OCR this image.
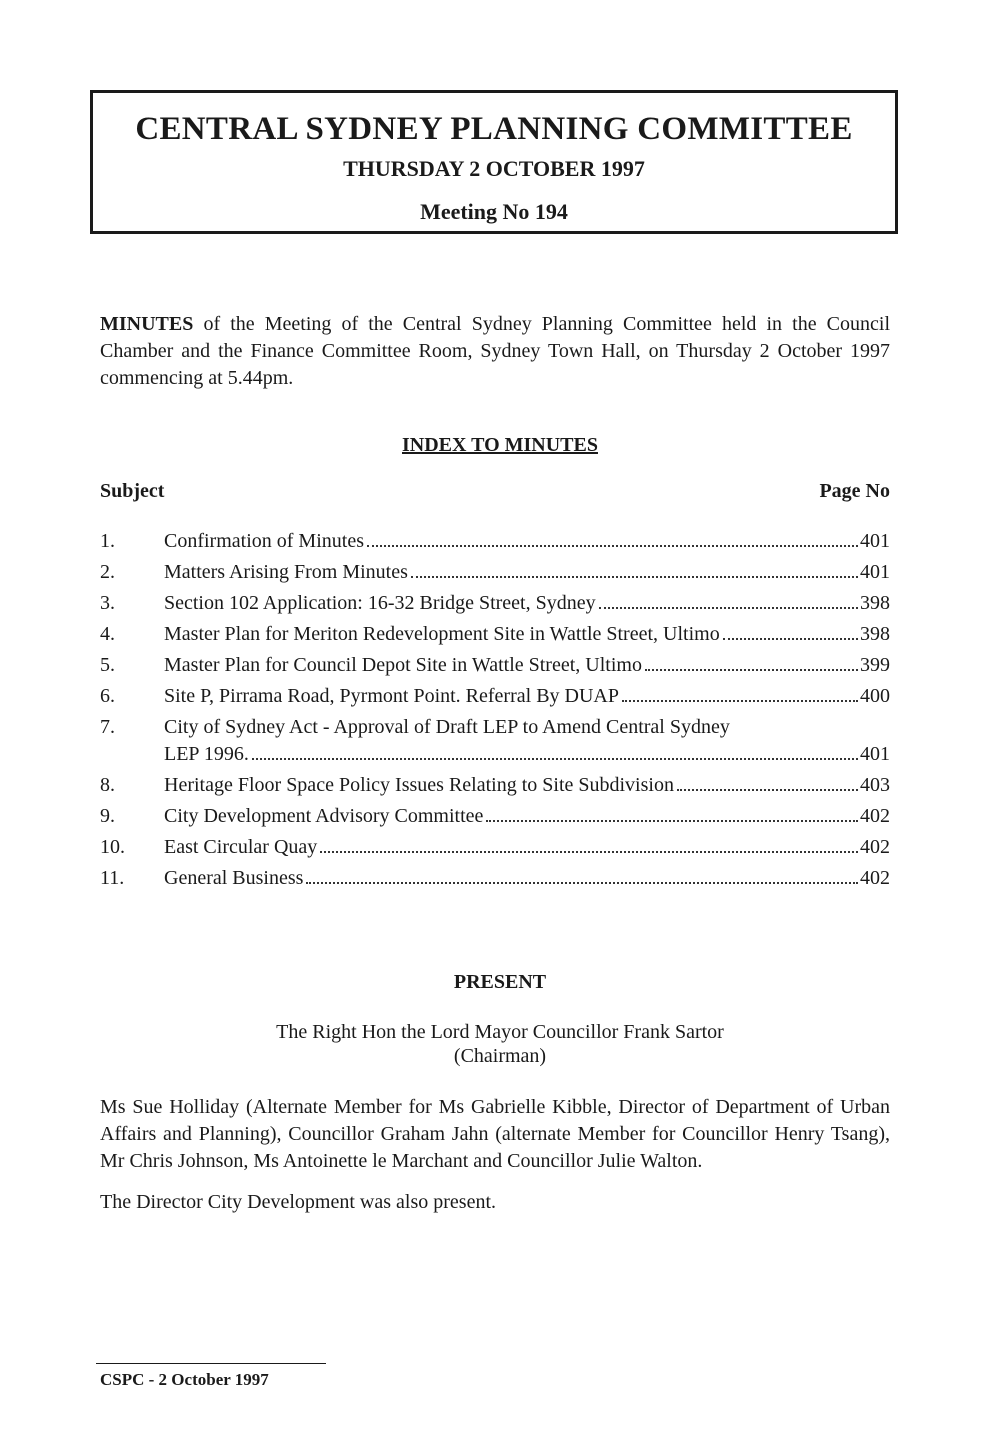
CENTRAL SYDNEY PLANNING COMMITTEE
THURSDAY 2 OCTOBER 1997
Meeting No 194
MINUTES of the Meeting of the Central Sydney Planning Committee held in the Council Chamber and the Finance Committee Room, Sydney Town Hall, on Thursday 2 October 1997 commencing at 5.44pm.
INDEX TO MINUTES
Subject	Page No
1. Confirmation of Minutes	401
2. Matters Arising From Minutes	401
3. Section 102 Application: 16-32 Bridge Street, Sydney	398
4. Master Plan for Meriton Redevelopment Site in Wattle Street, Ultimo	398
5. Master Plan for Council Depot Site in Wattle Street, Ultimo	399
6. Site P, Pirrama Road, Pyrmont Point. Referral By DUAP	400
7. City of Sydney Act - Approval of Draft LEP to Amend Central Sydney
LEP 1996.	401
8. Heritage Floor Space Policy Issues Relating to Site Subdivision	403
9. City Development Advisory Committee	402
10. East Circular Quay	402
11. General Business	402
PRESENT
The Right Hon the Lord Mayor Councillor Frank Sartor
(Chairman)
Ms Sue Holliday (Alternate Member for Ms Gabrielle Kibble, Director of Department of Urban Affairs and Planning), Councillor Graham Jahn (alternate Member for Councillor Henry Tsang), Mr Chris Johnson, Ms Antoinette le Marchant and Councillor Julie Walton.
The Director City Development was also present.
CSPC - 2 October 1997
